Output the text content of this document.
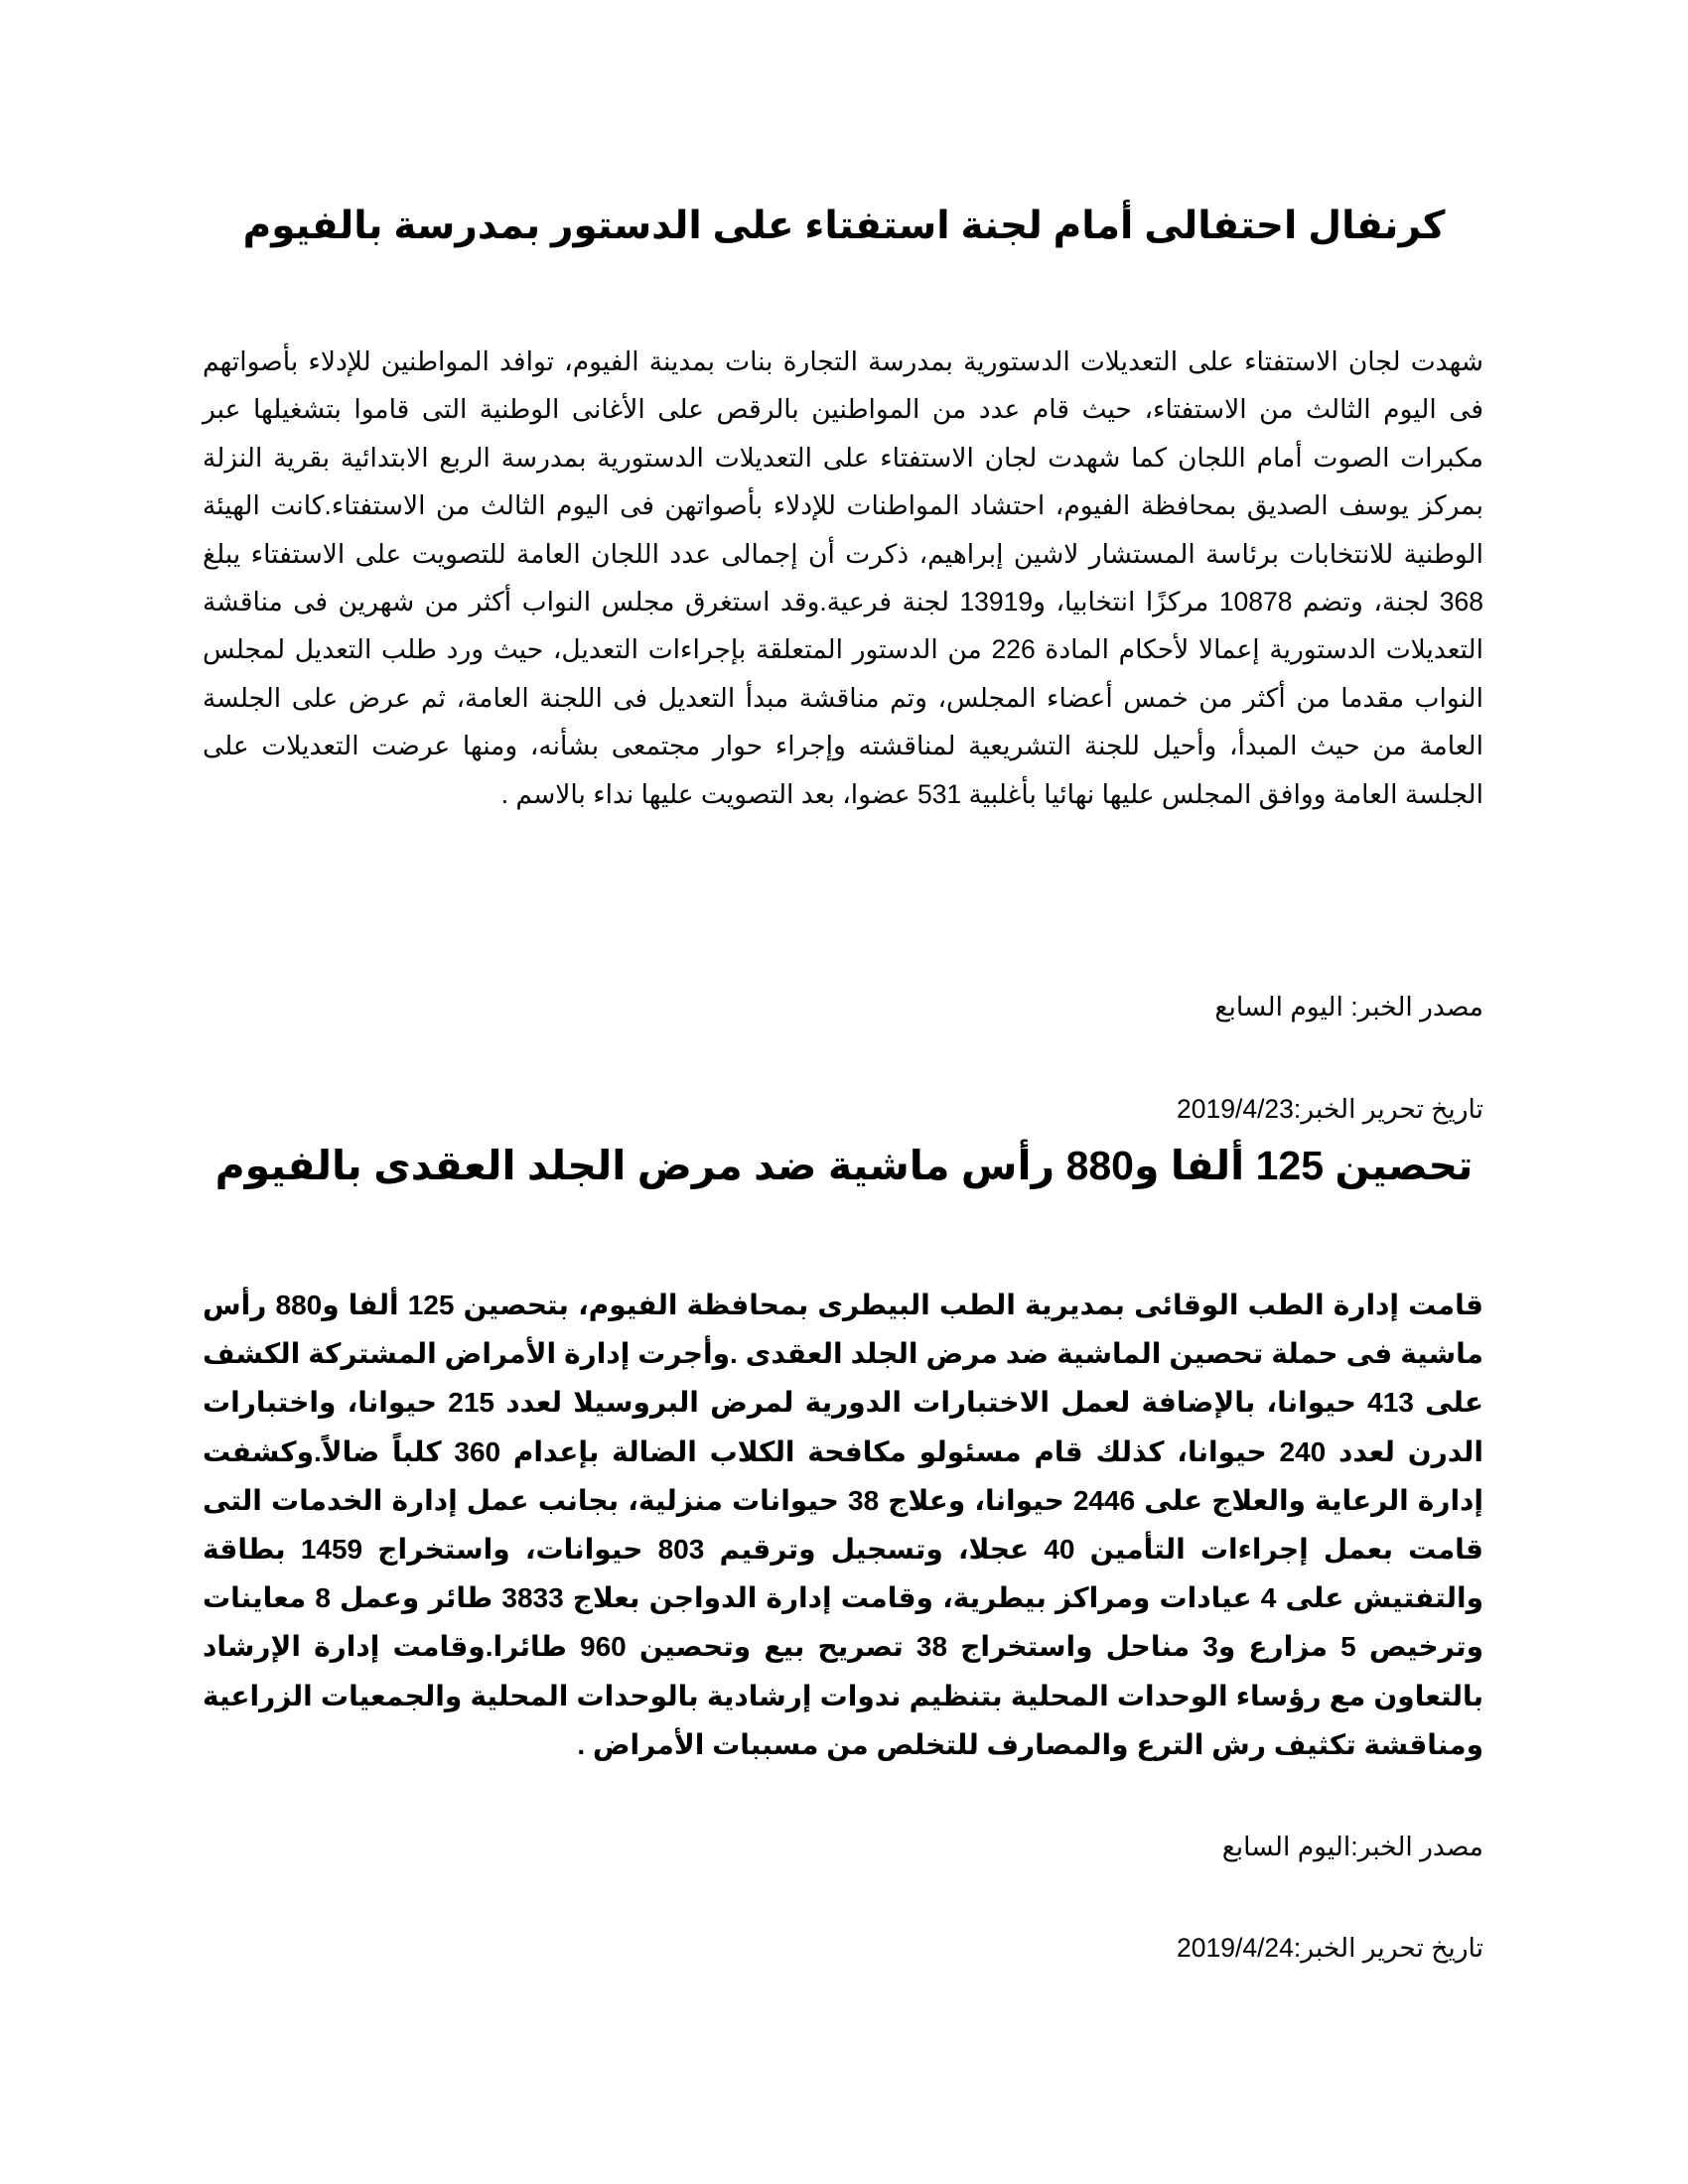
كرنفال احتفالى أمام لجنة استفتاء على الدستور بمدرسة بالفيوم

شهدت لجان الاستفتاء على التعديلات الدستورية بمدرسة التجارة بنات بمدينة الفيوم، توافد المواطنين للإدلاء بأصواتهم فى اليوم الثالث من الاستفتاء، حيث قام عدد من المواطنين بالرقص على الأغانى الوطنية التى قاموا بتشغيلها عبر مكبرات الصوت أمام اللجان كما شهدت لجان الاستفتاء على التعديلات الدستورية بمدرسة الربع الابتدائية بقرية النزلة بمركز يوسف الصديق بمحافظة الفيوم، احتشاد المواطنات للإدلاء بأصواتهن فى اليوم الثالث من الاستفتاء.كانت الهيئة الوطنية للانتخابات برئاسة المستشار لاشين إبراهيم، ذكرت أن إجمالى عدد اللجان العامة للتصويت على الاستفتاء يبلغ 368 لجنة، وتضم 10878 مركزًا انتخابيا، و13919 لجنة فرعية.وقد استغرق مجلس النواب أكثر من شهرين فى مناقشة التعديلات الدستورية إعمالا لأحكام المادة 226 من الدستور المتعلقة بإجراءات التعديل، حيث ورد طلب التعديل لمجلس النواب مقدما من أكثر من خمس أعضاء المجلس، وتم مناقشة مبدأ التعديل فى اللجنة العامة، ثم عرض على الجلسة العامة من حيث المبدأ، وأحيل للجنة التشريعية لمناقشته وإجراء حوار مجتمعى بشأنه، ومنها عرضت التعديلات على الجلسة العامة ووافق المجلس عليها نهائيا بأغلبية 531 عضوا، بعد التصويت عليها نداء بالاسم .

مصدر الخبر: اليوم السابع

تاريخ تحرير الخبر:2019/4/23

تحصين 125 ألفا و880 رأس ماشية ضد مرض الجلد العقدى بالفيوم

قامت إدارة الطب الوقائى بمديرية الطب البيطرى بمحافظة الفيوم، بتحصين 125 ألفا و880 رأس ماشية فى حملة تحصين الماشية ضد مرض الجلد العقدى .وأجرت إدارة الأمراض المشتركة الكشف على 413 حيوانا، بالإضافة لعمل الاختبارات الدورية لمرض البروسيلا لعدد 215 حيوانا، واختبارات الدرن لعدد 240 حيوانا، كذلك قام مسئولو مكافحة الكلاب الضالة بإعدام 360 كلباً ضالاً.وكشفت إدارة الرعاية والعلاج على 2446 حيوانا، وعلاج 38 حيوانات منزلية، بجانب عمل إدارة الخدمات التى قامت بعمل إجراءات التأمين 40 عجلا، وتسجيل وترقيم 803 حيوانات، واستخراج 1459 بطاقة والتفتيش على 4 عيادات ومراكز بيطرية، وقامت إدارة الدواجن بعلاج 3833 طائر وعمل 8 معاينات وترخيص 5 مزارع و3 مناحل واستخراج 38 تصريح بيع وتحصين 960 طائرا.وقامت إدارة الإرشاد بالتعاون مع رؤساء الوحدات المحلية بتنظيم ندوات إرشادية بالوحدات المحلية والجمعيات الزراعية ومناقشة تكثيف رش الترع والمصارف للتخلص من مسببات الأمراض .

مصدر الخبر:اليوم السابع

تاريخ تحرير الخبر:2019/4/24
